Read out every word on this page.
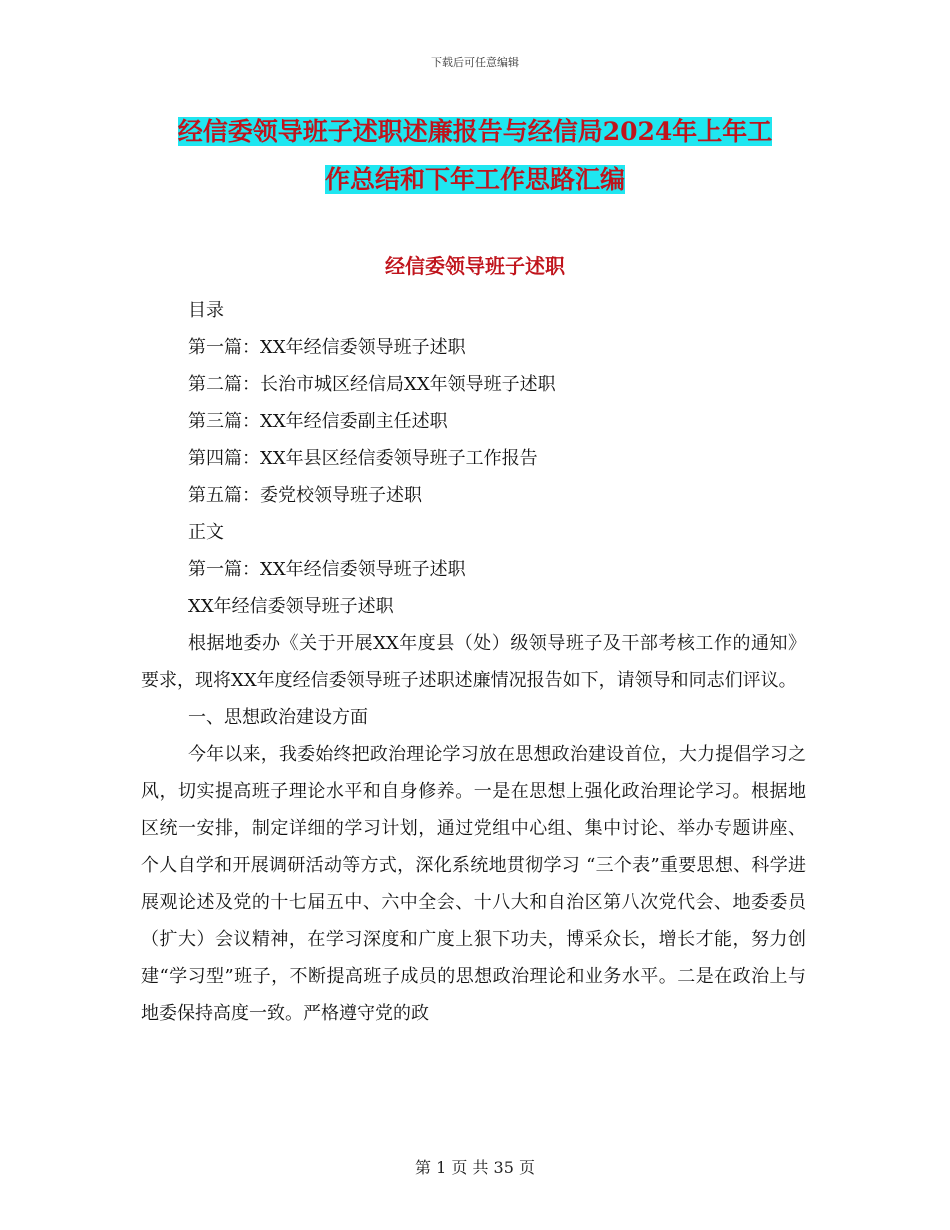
下载后可任意编辑
经信委领导班子述职述廉报告与经信局2024年上年工
作总结和下年工作思路汇编
经信委领导班子述职

目录

第一篇：XX年经信委领导班子述职

第二篇：长治市城区经信局XX年领导班子述职

第三篇：XX年经信委副主任述职

第四篇：XX年县区经信委领导班子工作报告

第五篇：委党校领导班子述职

正文

第一篇：XX年经信委领导班子述职

XX年经信委领导班子述职

根据地委办《关于开展XX年度县（处）级领导班子及干部考核工作的通知》要求，现将XX年度经信委领导班子述职述廉情况报告如下，请领导和同志们评议。

一、思想政治建设方面

今年以来，我委始终把政治理论学习放在思想政治建设首位，大力提倡学习之风，切实提高班子理论水平和自身修养。一是在思想上强化政治理论学习。根据地区统一安排，制定详细的学习计划，通过党组中心组、集中讨论、举办专题讲座、个人自学和开展调研活动等方式，深化系统地贯彻学习 “三个表”重要思想、科学进展观论述及党的十七届五中、六中全会、十八大和自治区第八次党代会、地委委员（扩大）会议精神，在学习深度和广度上狠下功夫，博采众长，增长才能，努力创建“学习型”班子，不断提高班子成员的思想政治理论和业务水平。二是在政治上与地委保持高度一致。严格遵守党的政

第 1 页 共 35 页
